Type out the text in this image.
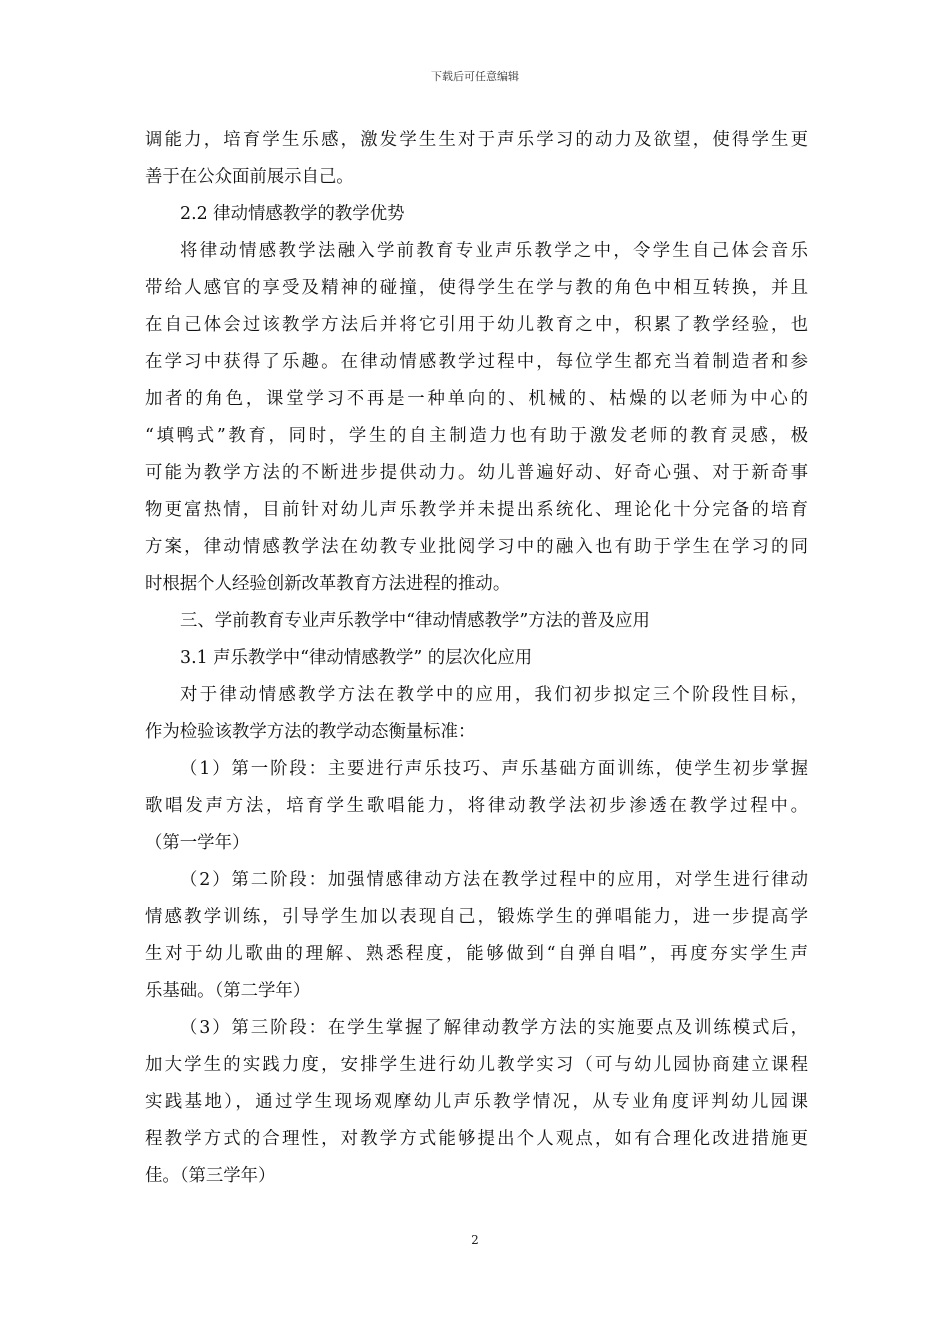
下载后可任意编辑
调能力，培育学生乐感，激发学生生对于声乐学习的动力及欲望，使得学生更
善于在公众面前展示自己。
2.2 律动情感教学的教学优势
将律动情感教学法融入学前教育专业声乐教学之中，令学生自己体会音乐
带给人感官的享受及精神的碰撞，使得学生在学与教的角色中相互转换，并且
在自己体会过该教学方法后并将它引用于幼儿教育之中，积累了教学经验，也
在学习中获得了乐趣。在律动情感教学过程中，每位学生都充当着制造者和参
加者的角色，课堂学习不再是一种单向的、机械的、枯燥的以老师为中心的
“填鸭式”教育，同时，学生的自主制造力也有助于激发老师的教育灵感，极
可能为教学方法的不断进步提供动力。幼儿普遍好动、好奇心强、对于新奇事
物更富热情，目前针对幼儿声乐教学并未提出系统化、理论化十分完备的培育
方案，律动情感教学法在幼教专业批阅学习中的融入也有助于学生在学习的同
时根据个人经验创新改革教育方法进程的推动。
三、学前教育专业声乐教学中“律动情感教学”方法的普及应用
3.1 声乐教学中“律动情感教学” 的层次化应用
对于律动情感教学方法在教学中的应用，我们初步拟定三个阶段性目标，
作为检验该教学方法的教学动态衡量标准：
（1）第一阶段：主要进行声乐技巧、声乐基础方面训练，使学生初步掌握
歌唱发声方法，培育学生歌唱能力，将律动教学法初步渗透在教学过程中。
（第一学年）
（2）第二阶段：加强情感律动方法在教学过程中的应用，对学生进行律动
情感教学训练，引导学生加以表现自己，锻炼学生的弹唱能力，进一步提高学
生对于幼儿歌曲的理解、熟悉程度，能够做到“自弹自唱”，再度夯实学生声
乐基础。（第二学年）
（3）第三阶段：在学生掌握了解律动教学方法的实施要点及训练模式后，
加大学生的实践力度，安排学生进行幼儿教学实习（可与幼儿园协商建立课程
实践基地），通过学生现场观摩幼儿声乐教学情况，从专业角度评判幼儿园课
程教学方式的合理性，对教学方式能够提出个人观点，如有合理化改进措施更
佳。（第三学年）
2
